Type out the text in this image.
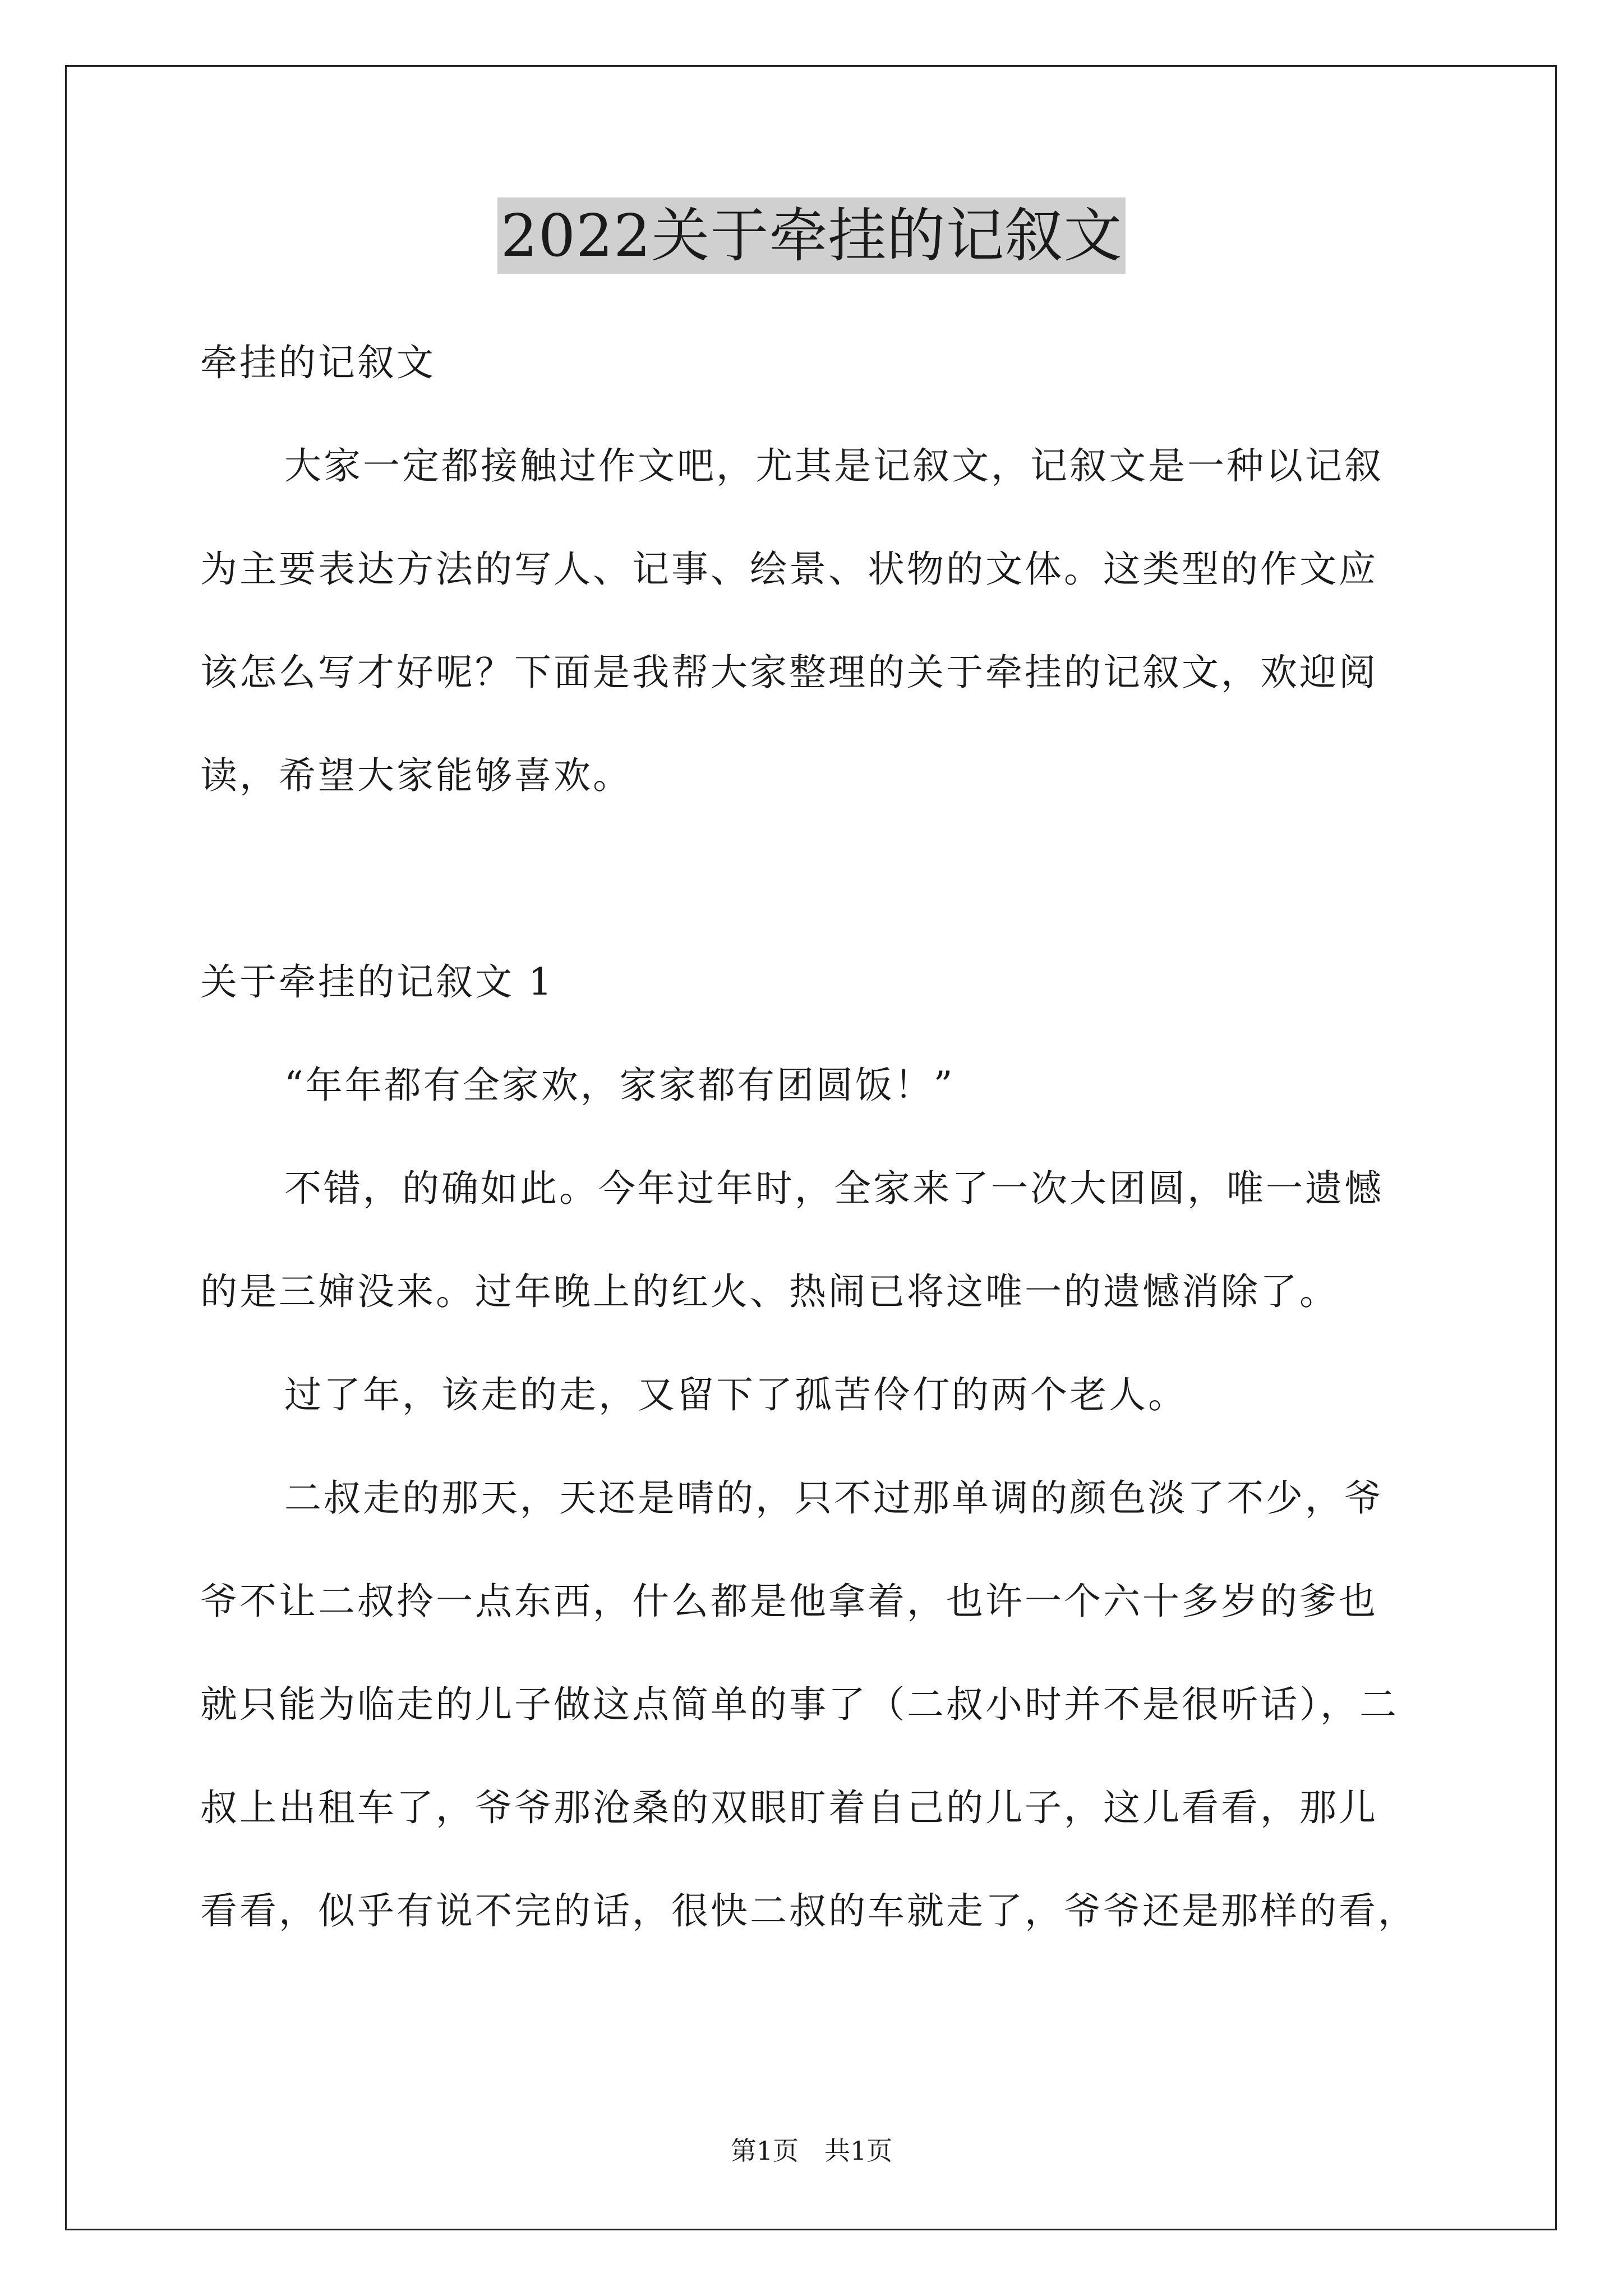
2022关于牵挂的记叙文
牵挂的记叙文
大家一定都接触过作文吧，尤其是记叙文，记叙文是一种以记叙
为主要表达方法的写人、记事、绘景、状物的文体。这类型的作文应
该怎么写才好呢？下面是我帮大家整理的关于牵挂的记叙文，欢迎阅
读，希望大家能够喜欢。
关于牵挂的记叙文 1
“年年都有全家欢，家家都有团圆饭！”
不错，的确如此。今年过年时，全家来了一次大团圆，唯一遗憾
的是三婶没来。过年晚上的红火、热闹已将这唯一的遗憾消除了。
过了年，该走的走，又留下了孤苦伶仃的两个老人。
二叔走的那天，天还是晴的，只不过那单调的颜色淡了不少，爷
爷不让二叔拎一点东西，什么都是他拿着，也许一个六十多岁的爹也
就只能为临走的儿子做这点简单的事了（二叔小时并不是很听话），二
叔上出租车了，爷爷那沧桑的双眼盯着自己的儿子，这儿看看，那儿
看看，似乎有说不完的话，很快二叔的车就走了，爷爷还是那样的看，
第1页　共1页
